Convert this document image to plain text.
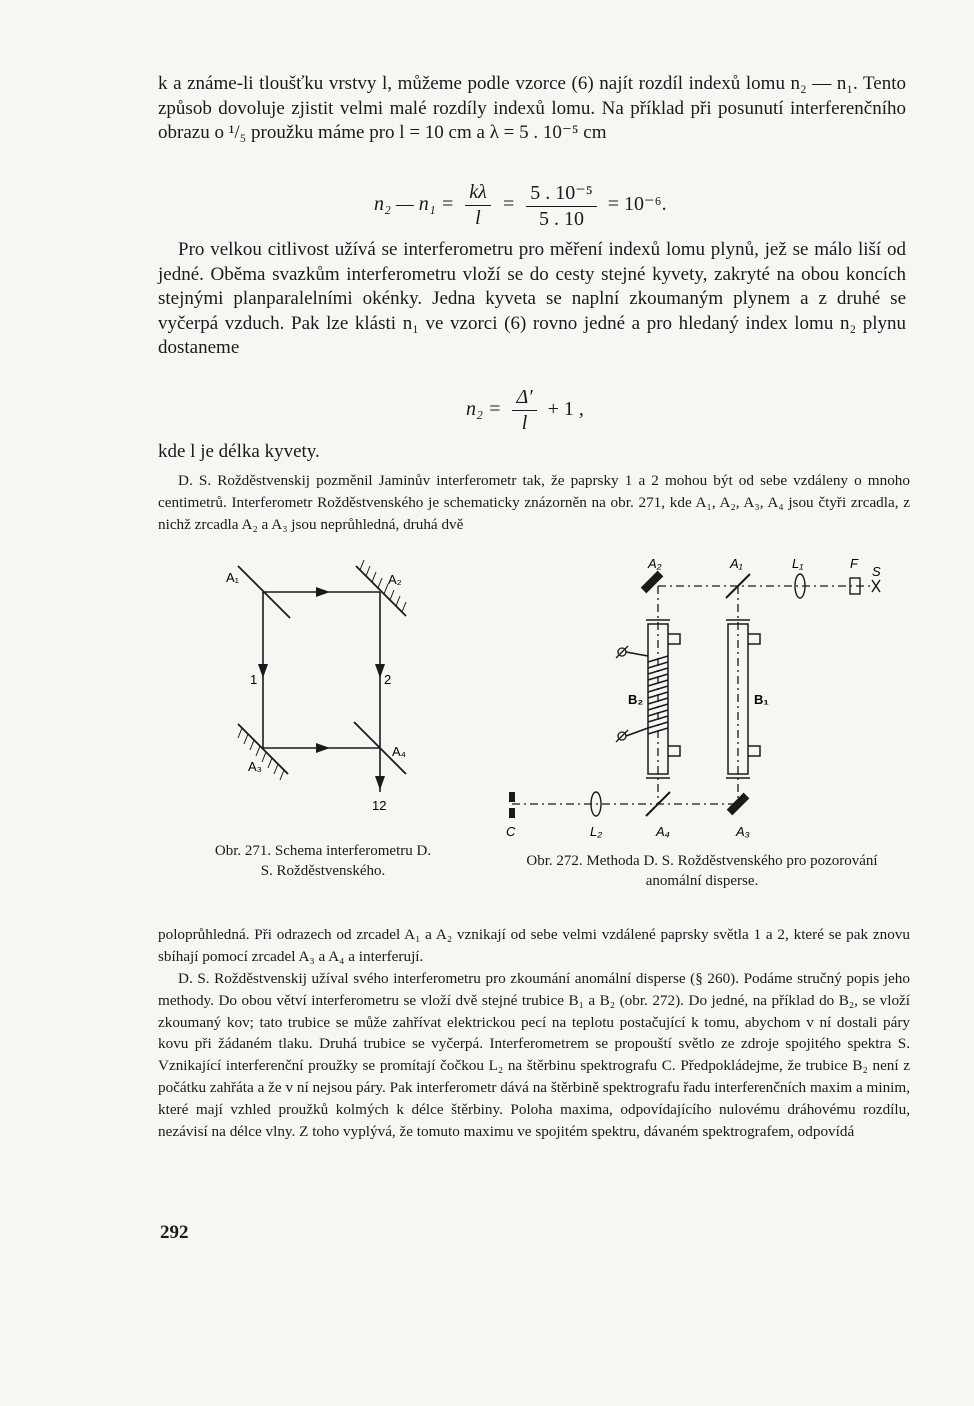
k a známe-li tloušťku vrstvy l, můžeme podle vzorce (6) najít rozdíl indexů lomu n₂ — n₁. Tento způsob dovoluje zjistit velmi malé rozdíly indexů lomu. Na příklad při posunutí interferenčního obrazu o ¹/₅ proužku máme pro l = 10 cm a λ = 5 . 10⁻⁵ cm

n₂ — $n_1 = \frac{k\lambda}{l} = \frac{\text{5 . 10⁻⁵}}{5 . 10} = 10^{-6}$.

Pro velkou citlivost užívá se interferometru pro měření indexů lomu plynů, jež se málo liší od jedné. Oběma svazkům interferometru vloží se do cesty stejné kyvety, zakryté na obou koncích stejnými planparalelními okénky. Jedna kyveta se naplní zkoumaným plynem a z druhé se vyčerpá vzduch. Pak lze klásti n₁ ve vzorci (6) rovno jedné a pro hledaný index lomu n₂ plynu dostaneme

$n_2 = \frac{\Delta'}{l} + 1$ ,

kde l je délka kyvety.

D. S. Rožděstvenskij pozměnil Jaminův interferometr tak, že paprsky 1 a 2 mohou být od sebe vzdáleny o mnoho centimetrů. Interferometr Rožděstvenského je schematicky znázorněn na obr. 271, kde A₁, A₂, A₃, A₄ jsou čtyři zrcadla, z nichž zrcadla A₂ a A₃ jsou neprůhledná, druhá dvě

A₁	A₂
A₃
A₄
1	2
12

Obr. 271. Schema interferometru D. S. Rožděstvenského.

A₂	A₁	L₁	F
S
B₂	B₁
C	L₂	A₄	A₃

Obr. 272. Methoda D. S. Rožděstvenského pro pozorování anomální disperse.

poloprůhledná. Při odrazech od zrcadel A₁ a A₂ vznikají od sebe velmi vzdálené paprsky světla 1 a 2, které se pak znovu sbíhají pomocí zrcadel A₃ a A₄ a interferují.

D. S. Rožděstvenskij užíval svého interferometru pro zkoumání anomální disperse (§ 260). Podáme stručný popis jeho methody. Do obou větví interferometru se vloží dvě stejné trubice B₁ a B₂ (obr. 272). Do jedné, na příklad do B₂, se vloží zkoumaný kov; tato trubice se může zahřívat elektrickou pecí na teplotu postačující k tomu, abychom v ní dostali páry kovu při žádaném tlaku. Druhá trubice se vyčerpá. Interferometrem se propouští světlo ze zdroje spojitého spektra S. Vznikající interferenční proužky se promítají čočkou L₂ na štěrbinu spektrografu C. Předpokládejme, že trubice B₂ není z počátku zahřáta a že v ní nejsou páry. Pak interferometr dává na štěrbině spektrografu řadu interferenčních maxim a minim, které mají vzhled proužků kolmých k délce štěrbiny. Poloha maxima, odpovídajícího nulovému dráhovému rozdílu, nezávisí na délce vlny. Z toho vyplývá, že tomuto maximu ve spojitém spektru, dávaném spektrografem, odpovídá

292
